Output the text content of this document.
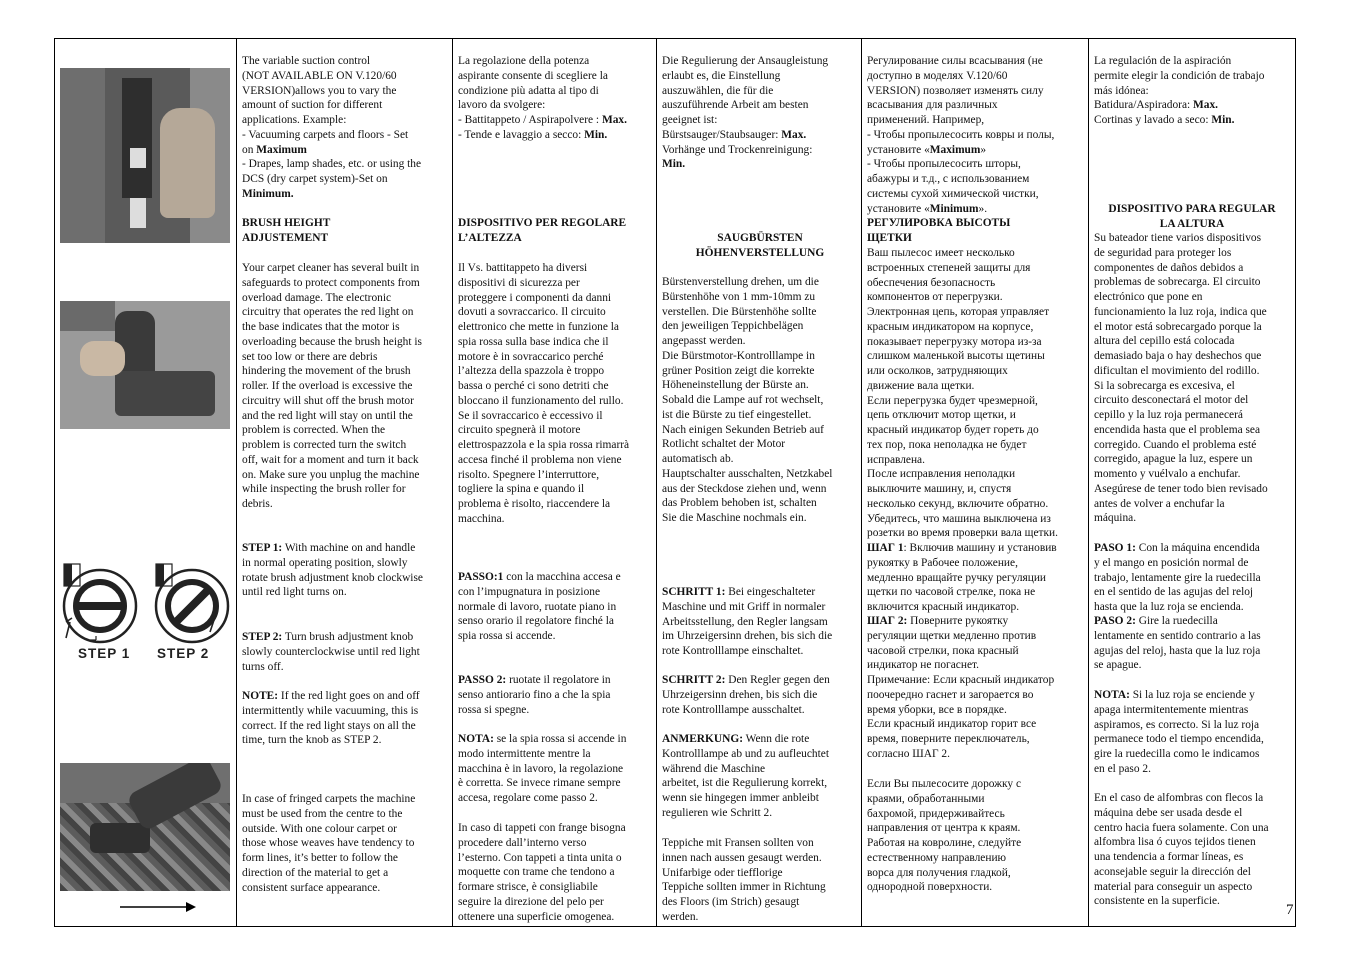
STEP 1 STEP 2

The variable suction control
(NOT AVAILABLE ON V.120/60
VERSION)allows you to vary the
amount of suction for different
applications. Example:
- Vacuuming carpets and floors - Set
on Maximum
- Drapes, lamp shades, etc. or using the
DCS (dry carpet system)-Set on
Minimum.

BRUSH HEIGHT
ADJUSTEMENT

Your carpet cleaner has several built in
safeguards to protect components from
overload damage. The electronic
circuitry that operates the red light on
the base indicates that the motor is
overloading because the brush height is
set too low or there are debris
hindering the movement of the brush
roller. If the overload is excessive the
circuitry will shut off the brush motor
and the red light will stay on until the
problem is corrected. When the
problem is corrected turn the switch
off, wait for a moment and turn it back
on. Make sure you unplug the machine
while inspecting the brush roller for
debris.

STEP 1: With machine on and handle
in normal operating position, slowly
rotate brush adjustment knob clockwise
until red light turns on.

STEP 2: Turn brush adjustment knob
slowly counterclockwise until red light
turns off.

NOTE: If the red light goes on and off
intermittently while vacuuming, this is
correct. If the red light stays on all the
time, turn the knob as STEP 2.

In case of fringed carpets the machine
must be used from the centre to the
outside. With one colour carpet or
those whose weaves have tendency to
form lines, it’s better to follow the
direction of the material to get a
consistent surface appearance.

La regolazione della potenza
aspirante consente di scegliere la
condizione più adatta al tipo di
lavoro da svolgere:
- Battitappeto / Aspirapolvere : Max.
- Tende e lavaggio a secco: Min.

DISPOSITIVO PER REGOLARE
L’ALTEZZA

Il Vs. battitappeto ha diversi
dispositivi di sicurezza per
proteggere i componenti da danni
dovuti a sovraccarico. Il circuito
elettronico che mette in funzione la
spia rossa sulla base indica che il
motore è in sovraccarico perché
l’altezza della spazzola è troppo
bassa o perché ci sono detriti che
bloccano il funzionamento del rullo.
Se il sovraccarico è eccessivo il
circuito spegnerà il motore
elettrospazzola e la spia rossa rimarrà
accesa finché il problema non viene
risolto. Spegnere l’interruttore,
togliere la spina e quando il
problema è risolto, riaccendere la
macchina.

PASSO:1 con la macchina accesa e
con l’impugnatura in posizione
normale di lavoro, ruotate piano in
senso orario il regolatore finché la
spia rossa si accende.

PASSO 2: ruotate il regolatore in
senso antiorario fino a che la spia
rossa si spegne.

NOTA: se la spia rossa si accende in
modo intermittente mentre la
macchina è in lavoro, la regolazione
è corretta. Se invece rimane sempre
accesa, regolare come passo 2.

In caso di tappeti con frange bisogna
procedere dall’interno verso
l’esterno. Con tappeti a tinta unita o
moquette con trame che tendono a
formare strisce, è consigliabile
seguire la direzione del pelo per
ottenere una superficie omogenea.

Die Regulierung der Ansaugleistung
erlaubt es, die Einstellung
auszuwählen, die für die
auszuführende Arbeit am besten
geeignet ist:
Bürstsauger/Staubsauger: Max.
Vorhänge und Trockenreinigung:
Min.

SAUGBÜRSTEN
HÖHENVERSTELLUNG

Bürstenverstellung drehen, um die
Bürstenhöhe von 1 mm-10mm zu
verstellen. Die Bürstenhöhe sollte
den jeweiligen Teppichbelägen
angepasst werden.
Die Bürstmotor-Kontrolllampe in
grüner Position zeigt die korrekte
Höheneinstellung der Bürste an.
Sobald die Lampe auf rot wechselt,
ist die Bürste zu tief eingestellet.
Nach einigen Sekunden Betrieb auf
Rotlicht schaltet der Motor
automatisch ab.
Hauptschalter ausschalten, Netzkabel
aus der Steckdose ziehen und, wenn
das Problem behoben ist, schalten
Sie die Maschine nochmals ein.

SCHRITT 1: Bei eingeschalteter
Maschine und mit Griff in normaler
Arbeitsstellung, den Regler langsam
im Uhrzeigersinn drehen, bis sich die
rote Kontrolllampe einschaltet.

SCHRITT 2: Den Regler gegen den
Uhrzeigersinn drehen, bis sich die
rote Kontrolllampe ausschaltet.

ANMERKUNG: Wenn die rote
Kontrolllampe ab und zu aufleuchtet
während die Maschine
arbeitet, ist die Regulierung korrekt,
wenn sie hingegen immer anbleibt
regulieren wie Schritt 2.

Teppiche mit Fransen sollten von
innen nach aussen gesaugt werden.
Unifarbige oder tiefflorige
Teppiche sollten immer in Richtung
des Floors (im Strich) gesaugt
werden.

Регулирование силы всасывания (не
доступно в моделях V.120/60
VERSION) позволяет изменять силу
всасывания для различных
применений. Например,
- Чтобы пропылесосить ковры и полы,
установите «Maximum»
- Чтобы пропылесосить шторы,
абажуры и т.д., с использованием
системы сухой химической чистки,
установите «Minimum».

РЕГУЛИРОВКА ВЫСОТЫ
ЩЕТКИ

Ваш пылесос имеет несколько
встроенных степеней защиты для
обеспечения безопасность
компонентов от перегрузки.
Электронная цепь, которая управляет
красным индикатором на корпусе,
показывает перегрузку мотора из-за
слишком маленькой высоты щетины
или осколков, затрудняющих
движение вала щетки.
Если перегрузка будет чрезмерной,
цепь отключит мотор щетки, и
красный индикатор будет гореть до
тех пор, пока неполадка не будет
исправлена.
После исправления неполадки
выключите машину, и, спустя
несколько секунд, включите обратно.
Убедитесь, что машина выключена из
розетки во время проверки вала щетки.

ШАГ 1: Включив машину и установив
рукоятку в Рабочее положение,
медленно вращайте ручку регуляции
щетки по часовой стрелке, пока не
включится красный индикатор.

ШАГ 2: Поверните рукоятку
регуляции щетки медленно против
часовой стрелки, пока красный
индикатор не погаснет.
Примечание: Если красный индикатор
поочередно гаснет и загорается во
время уборки, все в порядке.
Если красный индикатор горит все
время, поверните переключатель,
согласно ШАГ 2.

Если Вы пылесосите дорожку с
краями, обработанными
бахромой, придерживайтесь
направления от центра к краям.
Работая на ковролине, следуйте
естественному направлению
ворса для получения гладкой,
однородной поверхности.

La regulación de la aspiración
permite elegir la condición de trabajo
más idónea:
Batidura/Aspiradora: Max.
Cortinas y lavado a seco: Min.

DISPOSITIVO PARA REGULAR
LA ALTURA

Su bateador tiene varios dispositivos
de seguridad para proteger los
componentes de daños debidos a
problemas de sobrecarga. El circuito
electrónico que pone en
funcionamiento la luz roja, indica que
el motor está sobrecargado porque la
altura del cepillo está colocada
demasiado baja o hay deshechos que
dificultan el movimiento del rodillo.
Si la sobrecarga es excesiva, el
circuito desconectará el motor del
cepillo y la luz roja permanecerá
encendida hasta que el problema sea
corregido. Cuando el problema esté
corregido, apague la luz, espere un
momento y vuélvalo a enchufar.
Asegúrese de tener todo bien revisado
antes de volver a enchufar la
máquina.

PASO 1: Con la máquina encendida
y el mango en posición normal de
trabajo, lentamente gire la ruedecilla
en el sentido de las agujas del reloj
hasta que la luz roja se encienda.

PASO 2: Gire la ruedecilla
lentamente en sentido contrario a las
agujas del reloj, hasta que la luz roja
se apague.

NOTA: Si la luz roja se enciende y
apaga intermitentemente mientras
aspiramos, es correcto. Si la luz roja
permanece todo el tiempo encendida,
gire la ruedecilla como le indicamos
en el paso 2.

En el caso de alfombras con flecos la
máquina debe ser usada desde el
centro hacia fuera solamente. Con una
alfombra lisa ó cuyos tejidos tienen
una tendencia a formar líneas, es
aconsejable seguir la dirección del
material para conseguir un aspecto
consistente en la superficie.

7
